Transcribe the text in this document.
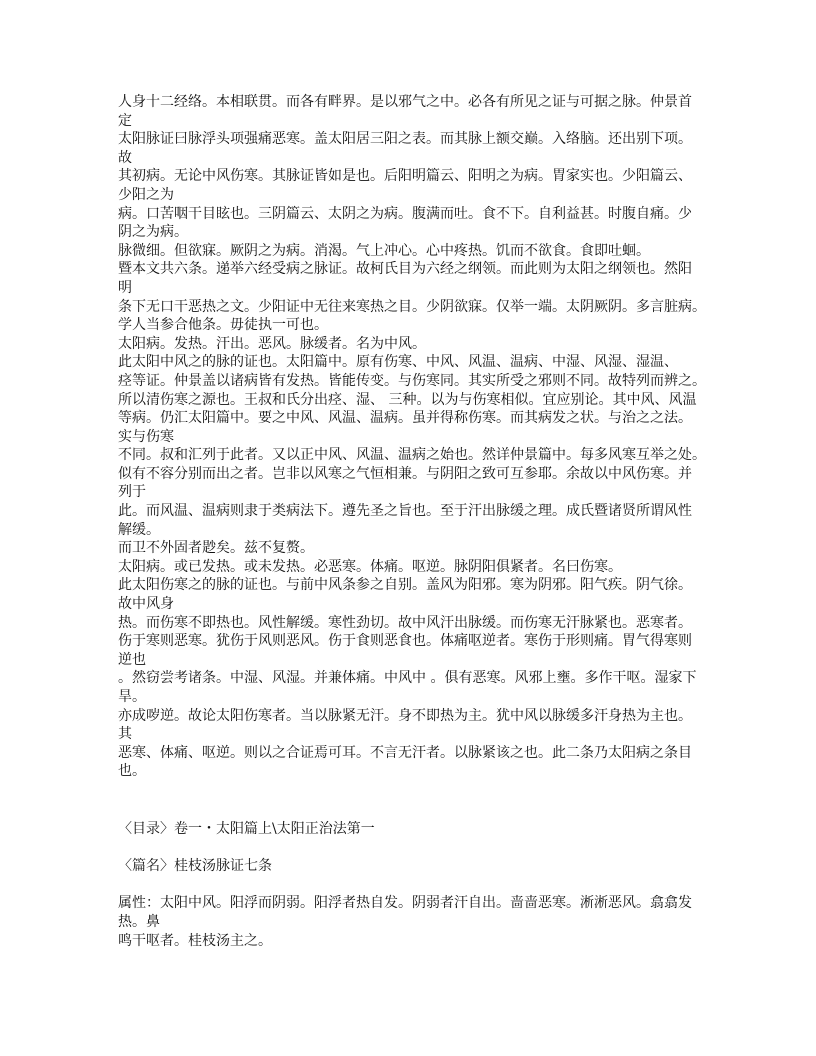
人身十二经络。本相联贯。而各有畔界。是以邪气之中。必各有所见之证与可据之脉。仲景首
定
太阳脉证曰脉浮头项强痛恶寒。盖太阳居三阳之表。而其脉上额交巅。入络脑。还出别下项。
故
其初病。无论中风伤寒。其脉证皆如是也。后阳明篇云、阳明之为病。胃家实也。少阳篇云、
少阳之为
病。口苦咽干目眩也。三阴篇云、太阴之为病。腹满而吐。食不下。自利益甚。时腹自痛。少
阴之为病。
脉微细。但欲寐。厥阴之为病。消渴。气上冲心。心中疼热。饥而不欲食。食即吐蛔。
暨本文共六条。递举六经受病之脉证。故柯氏目为六经之纲领。而此则为太阳之纲领也。然阳
明
条下无口干恶热之文。少阳证中无往来寒热之目。少阴欲寐。仅举一端。太阴厥阴。多言脏病。
学人当参合他条。毋徒执一可也。
太阳病。发热。汗出。恶风。脉缓者。名为中风。
此太阳中风之的脉的证也。太阳篇中。原有伤寒、中风、风温、温病、中湿、风湿、湿温、
痉等证。仲景盖以诸病皆有发热。皆能传变。与伤寒同。其实所受之邪则不同。故特列而辨之。
所以清伤寒之源也。王叔和氏分出痉、湿、 三种。以为与伤寒相似。宜应别论。其中风、风温
等病。仍汇太阳篇中。要之中风、风温、温病。虽并得称伤寒。而其病发之状。与治之之法。
实与伤寒
不同。叔和汇列于此者。又以正中风、风温、温病之始也。然详仲景篇中。每多风寒互举之处。
似有不容分别而出之者。岂非以风寒之气恒相兼。与阴阳之致可互参耶。余故以中风伤寒。并
列于
此。而风温、温病则隶于类病法下。遵先圣之旨也。至于汗出脉缓之理。成氏暨诸贤所谓风性
解缓。
而卫不外固者尟矣。兹不复赘。
太阳病。或已发热。或未发热。必恶寒。体痛。呕逆。脉阴阳俱紧者。名曰伤寒。
此太阳伤寒之的脉的证也。与前中风条参之自别。盖风为阳邪。寒为阴邪。阳气疾。阴气徐。
故中风身
热。而伤寒不即热也。风性解缓。寒性劲切。故中风汗出脉缓。而伤寒无汗脉紧也。恶寒者。
伤于寒则恶寒。犹伤于风则恶风。伤于食则恶食也。体痛呕逆者。寒伤于形则痛。胃气得寒则
逆也
。然窃尝考诸条。中湿、风湿。并兼体痛。中风中 。俱有恶寒。风邪上壅。多作干呕。湿家下
旱。
亦成哕逆。故论太阳伤寒者。当以脉紧无汗。身不即热为主。犹中风以脉缓多汗身热为主也。
其
恶寒、体痛、呕逆。则以之合证焉可耳。不言无汗者。以脉紧该之也。此二条乃太阳病之条目
也。
〈目录〉卷一・太阳篇上\太阳正治法第一
〈篇名〉桂枝汤脉证七条
属性：太阳中风。阳浮而阴弱。阳浮者热自发。阴弱者汗自出。啬啬恶寒。淅淅恶风。翕翕发
热。鼻
鸣干呕者。桂枝汤主之。
